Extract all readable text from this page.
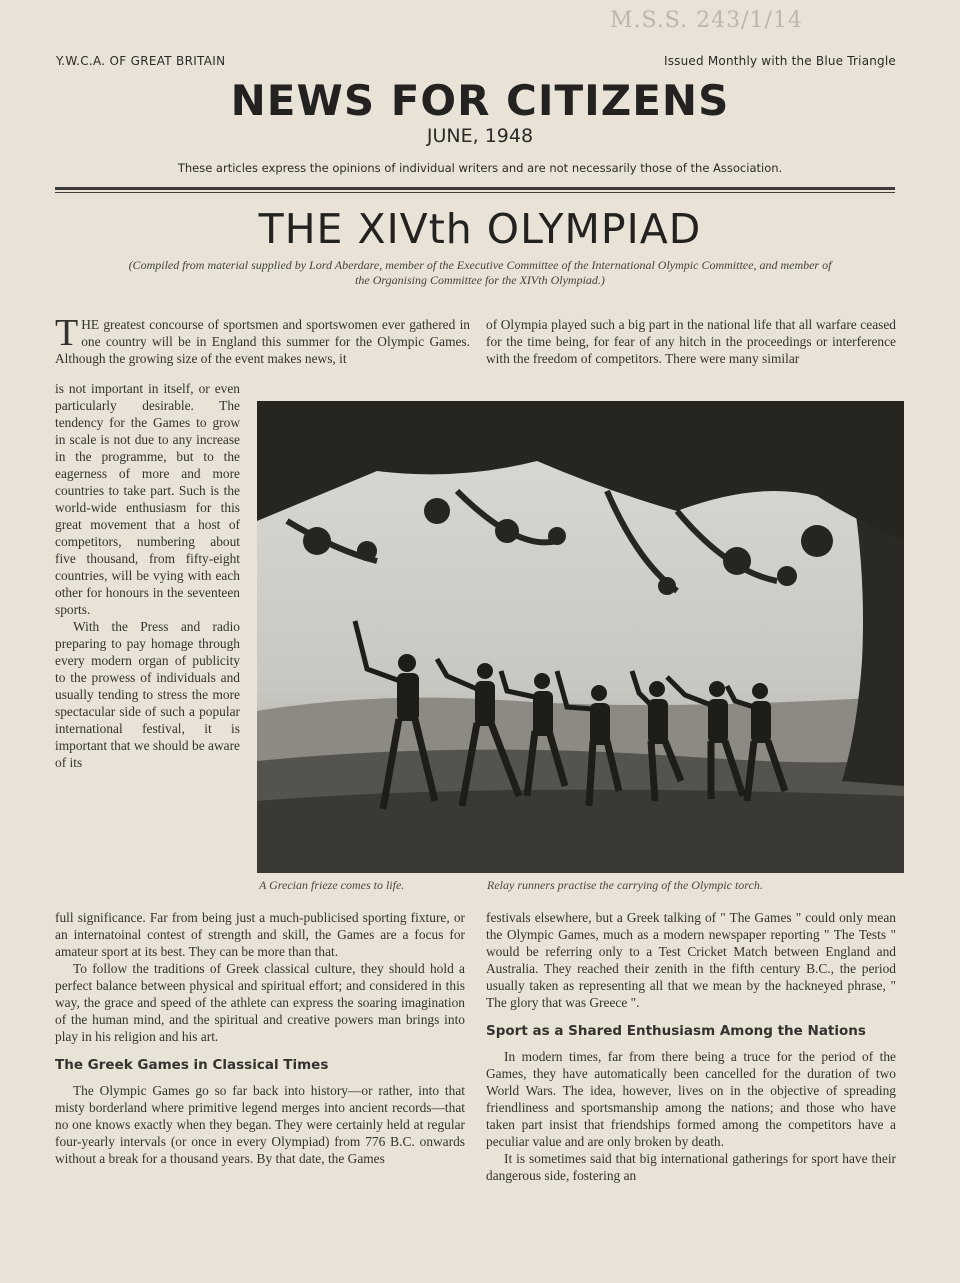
M.S.S. 243/1/14
Y.W.C.A. OF GREAT BRITAIN	Issued Monthly with the Blue Triangle
NEWS FOR CITIZENS
JUNE, 1948
These articles express the opinions of individual writers and are not necessarily those of the Association.
THE XIVth OLYMPIAD
(Compiled from material supplied by Lord Aberdare, member of the Executive Committee of the International Olympic Committee, and member of the Organising Committee for the XIVth Olympiad.)

THE greatest concourse of sportsmen and sportswomen ever gathered in one country will be in England this summer for the Olympic Games. Although the growing size of the event makes news, it

is not important in itself, or even particularly desirable. The tendency for the Games to grow in scale is not due to any increase in the programme, but to the eagerness of more and more countries to take part. Such is the world-wide enthusiasm for this great movement that a host of competitors, numbering about five thousand, from fifty-eight countries, will be vying with each other for honours in the seventeen sports.

With the Press and radio preparing to pay homage through every modern organ of publicity to the prowess of individuals and usually tending to stress the more spectacular side of such a popular international festival, it is important that we should be aware of its

full significance. Far from being just a much-publicised sporting fixture, or an internatoinal contest of strength and skill, the Games are a focus for amateur sport at its best. They can be more than that.

To follow the traditions of Greek classical culture, they should hold a perfect balance between physical and spiritual effort; and considered in this way, the grace and speed of the athlete can express the soaring imagination of the human mind, and the spiritual and creative powers man brings into play in his religion and his art.

The Greek Games in Classical Times

The Olympic Games go so far back into history—or rather, into that misty borderland where primitive legend merges into ancient records—that no one knows exactly when they began. They were certainly held at regular four-yearly intervals (or once in every Olympiad) from 776 B.C. onwards without a break for a thousand years. By that date, the Games

of Olympia played such a big part in the national life that all warfare ceased for the time being, for fear of any hitch in the proceedings or interference with the freedom of competitors. There were many similar

festivals elsewhere, but a Greek talking of " The Games " could only mean the Olympic Games, much as a modern newspaper reporting " The Tests " would be referring only to a Test Cricket Match between England and Australia. They reached their zenith in the fifth century B.C., the period usually taken as representing all that we mean by the hackneyed phrase, " The glory that was Greece ".

Sport as a Shared Enthusiasm Among the Nations

In modern times, far from there being a truce for the period of the Games, they have automatically been cancelled for the duration of two World Wars. The idea, however, lives on in the objective of spreading friendliness and sportsmanship among the nations; and those who have taken part insist that friendships formed among the competitors have a peculiar value and are only broken by death.

It is sometimes said that big international gatherings for sport have their dangerous side, fostering an

A Grecian frieze comes to life.	Relay runners practise the carrying of the Olympic torch.
